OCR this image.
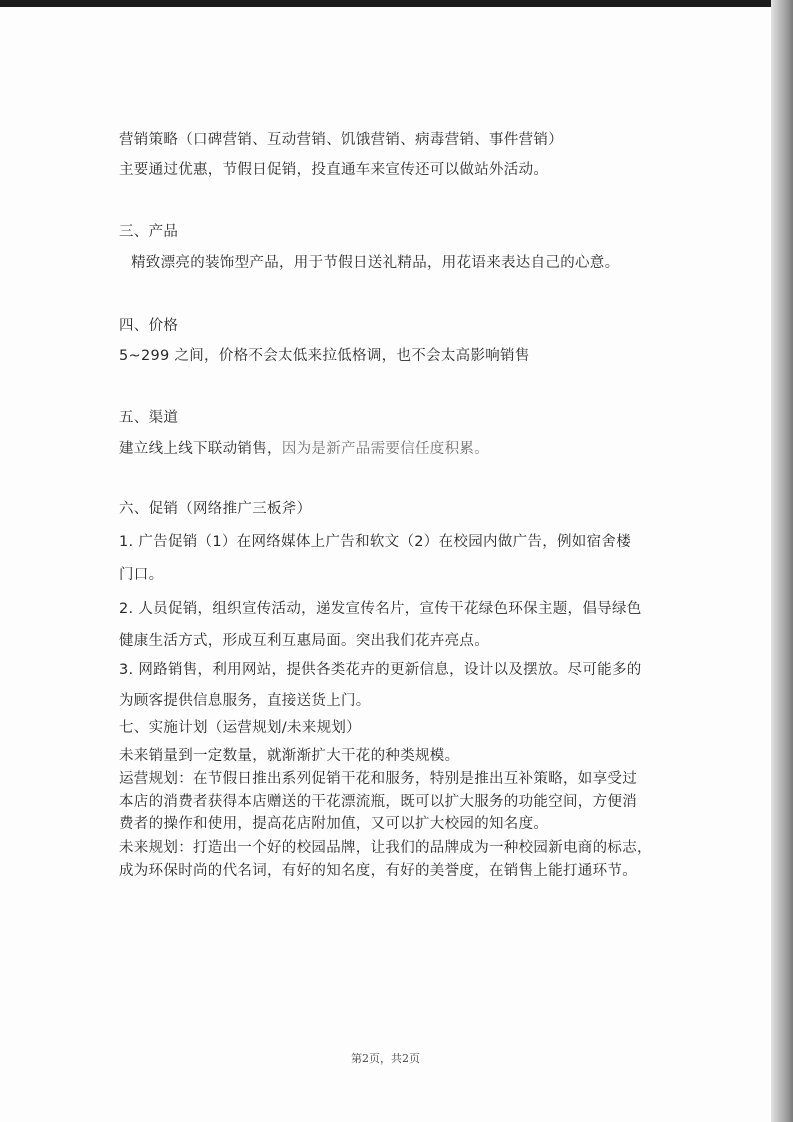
营销策略（口碑营销、互动营销、饥饿营销、病毒营销、事件营销）

主要通过优惠，节假日促销，投直通车来宣传还可以做站外活动。

三、产品

精致漂亮的装饰型产品，用于节假日送礼精品，用花语来表达自己的心意。

四、价格

5~299 之间，价格不会太低来拉低格调，也不会太高影响销售

五、渠道

建立线上线下联动销售，因为是新产品需要信任度积累。

六、促销（网络推广三板斧）

1. 广告促销（1）在网络媒体上广告和软文（2）在校园内做广告，例如宿舍楼

门口。

2. 人员促销，组织宣传活动，递发宣传名片，宣传干花绿色环保主题，倡导绿色

健康生活方式，形成互利互惠局面。突出我们花卉亮点。

3. 网路销售，利用网站，提供各类花卉的更新信息，设计以及摆放。尽可能多的

为顾客提供信息服务，直接送货上门。

七、实施计划（运营规划/未来规划）

未来销量到一定数量，就渐渐扩大干花的种类规模。

运营规划：在节假日推出系列促销干花和服务，特别是推出互补策略，如享受过

本店的消费者获得本店赠送的干花漂流瓶，既可以扩大服务的功能空间，方便消

费者的操作和使用，提高花店附加值，又可以扩大校园的知名度。

未来规划：打造出一个好的校园品牌，让我们的品牌成为一种校园新电商的标志，

成为环保时尚的代名词，有好的知名度，有好的美誉度，在销售上能打通环节。

第2页，共2页
